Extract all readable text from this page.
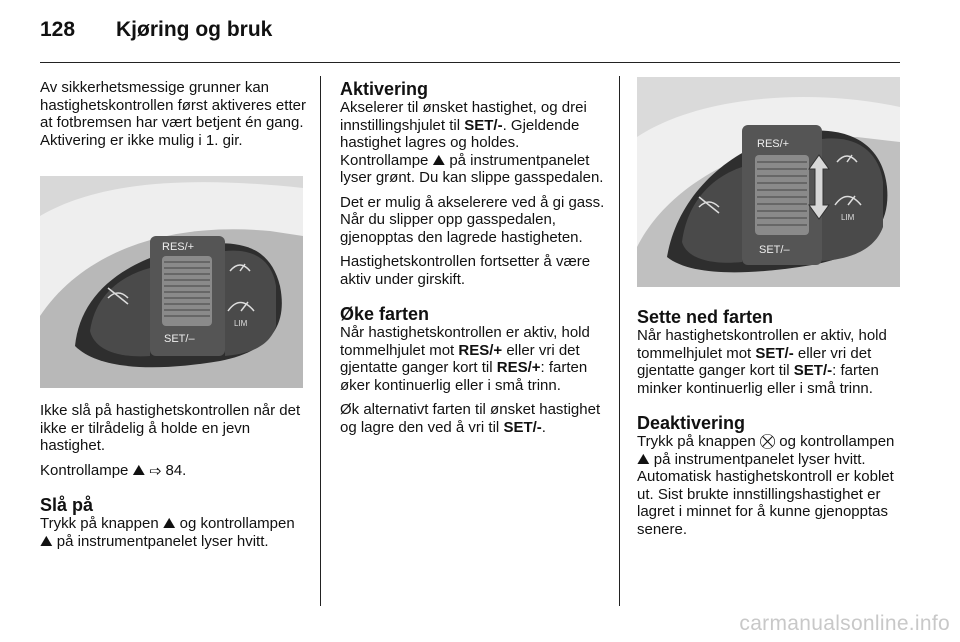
128 Kjøring og bruk

Av sikkerhetsmessige grunner kan hastighetskontrollen først aktiveres etter at fotbremsen har vært betjent én gang. Aktivering er ikke mulig i 1. gir.

RES/+
SET/–
LIM

Ikke slå på hastighetskontrollen når det ikke er tilrådelig å holde en jevn hastighet.

Kontrollampe ⛰ ⇨ 84.

Slå på

Trykk på knappen ⛰ og kontrollampen ⛰ på instrumentpanelet lyser hvitt.

Aktivering

Akselerer til ønsket hastighet, og drei innstillingshjulet til SET/-. Gjeldende hastighet lagres og holdes. Kontrollampe ⛰ på instrumentpanelet lyser grønt. Du kan slippe gasspedalen.

Det er mulig å akselerere ved å gi gass. Når du slipper opp gasspedalen, gjenopptas den lagrede hastigheten.

Hastighetskontrollen fortsetter å være aktiv under girskift.

Øke farten

Når hastighetskontrollen er aktiv, hold tommelhjulet mot RES/+ eller vri det gjentatte ganger kort til RES/+: farten øker kontinuerlig eller i små trinn.

Øk alternativt farten til ønsket hastighet og lagre den ved å vri til SET/-.

RES/+
SET/–
LIM
Sette ned farten

Når hastighetskontrollen er aktiv, hold tommelhjulet mot SET/- eller vri det gjentatte ganger kort til SET/-: farten minker kontinuerlig eller i små trinn.

Deaktivering

Trykk på knappen ⛒ og kontrollampen ⛰ på instrumentpanelet lyser hvitt. Automatisk hastighetskontroll er koblet ut. Sist brukte innstillingshastighet er lagret i minnet for å kunne gjenopptas senere.

carmanualsonline.info
